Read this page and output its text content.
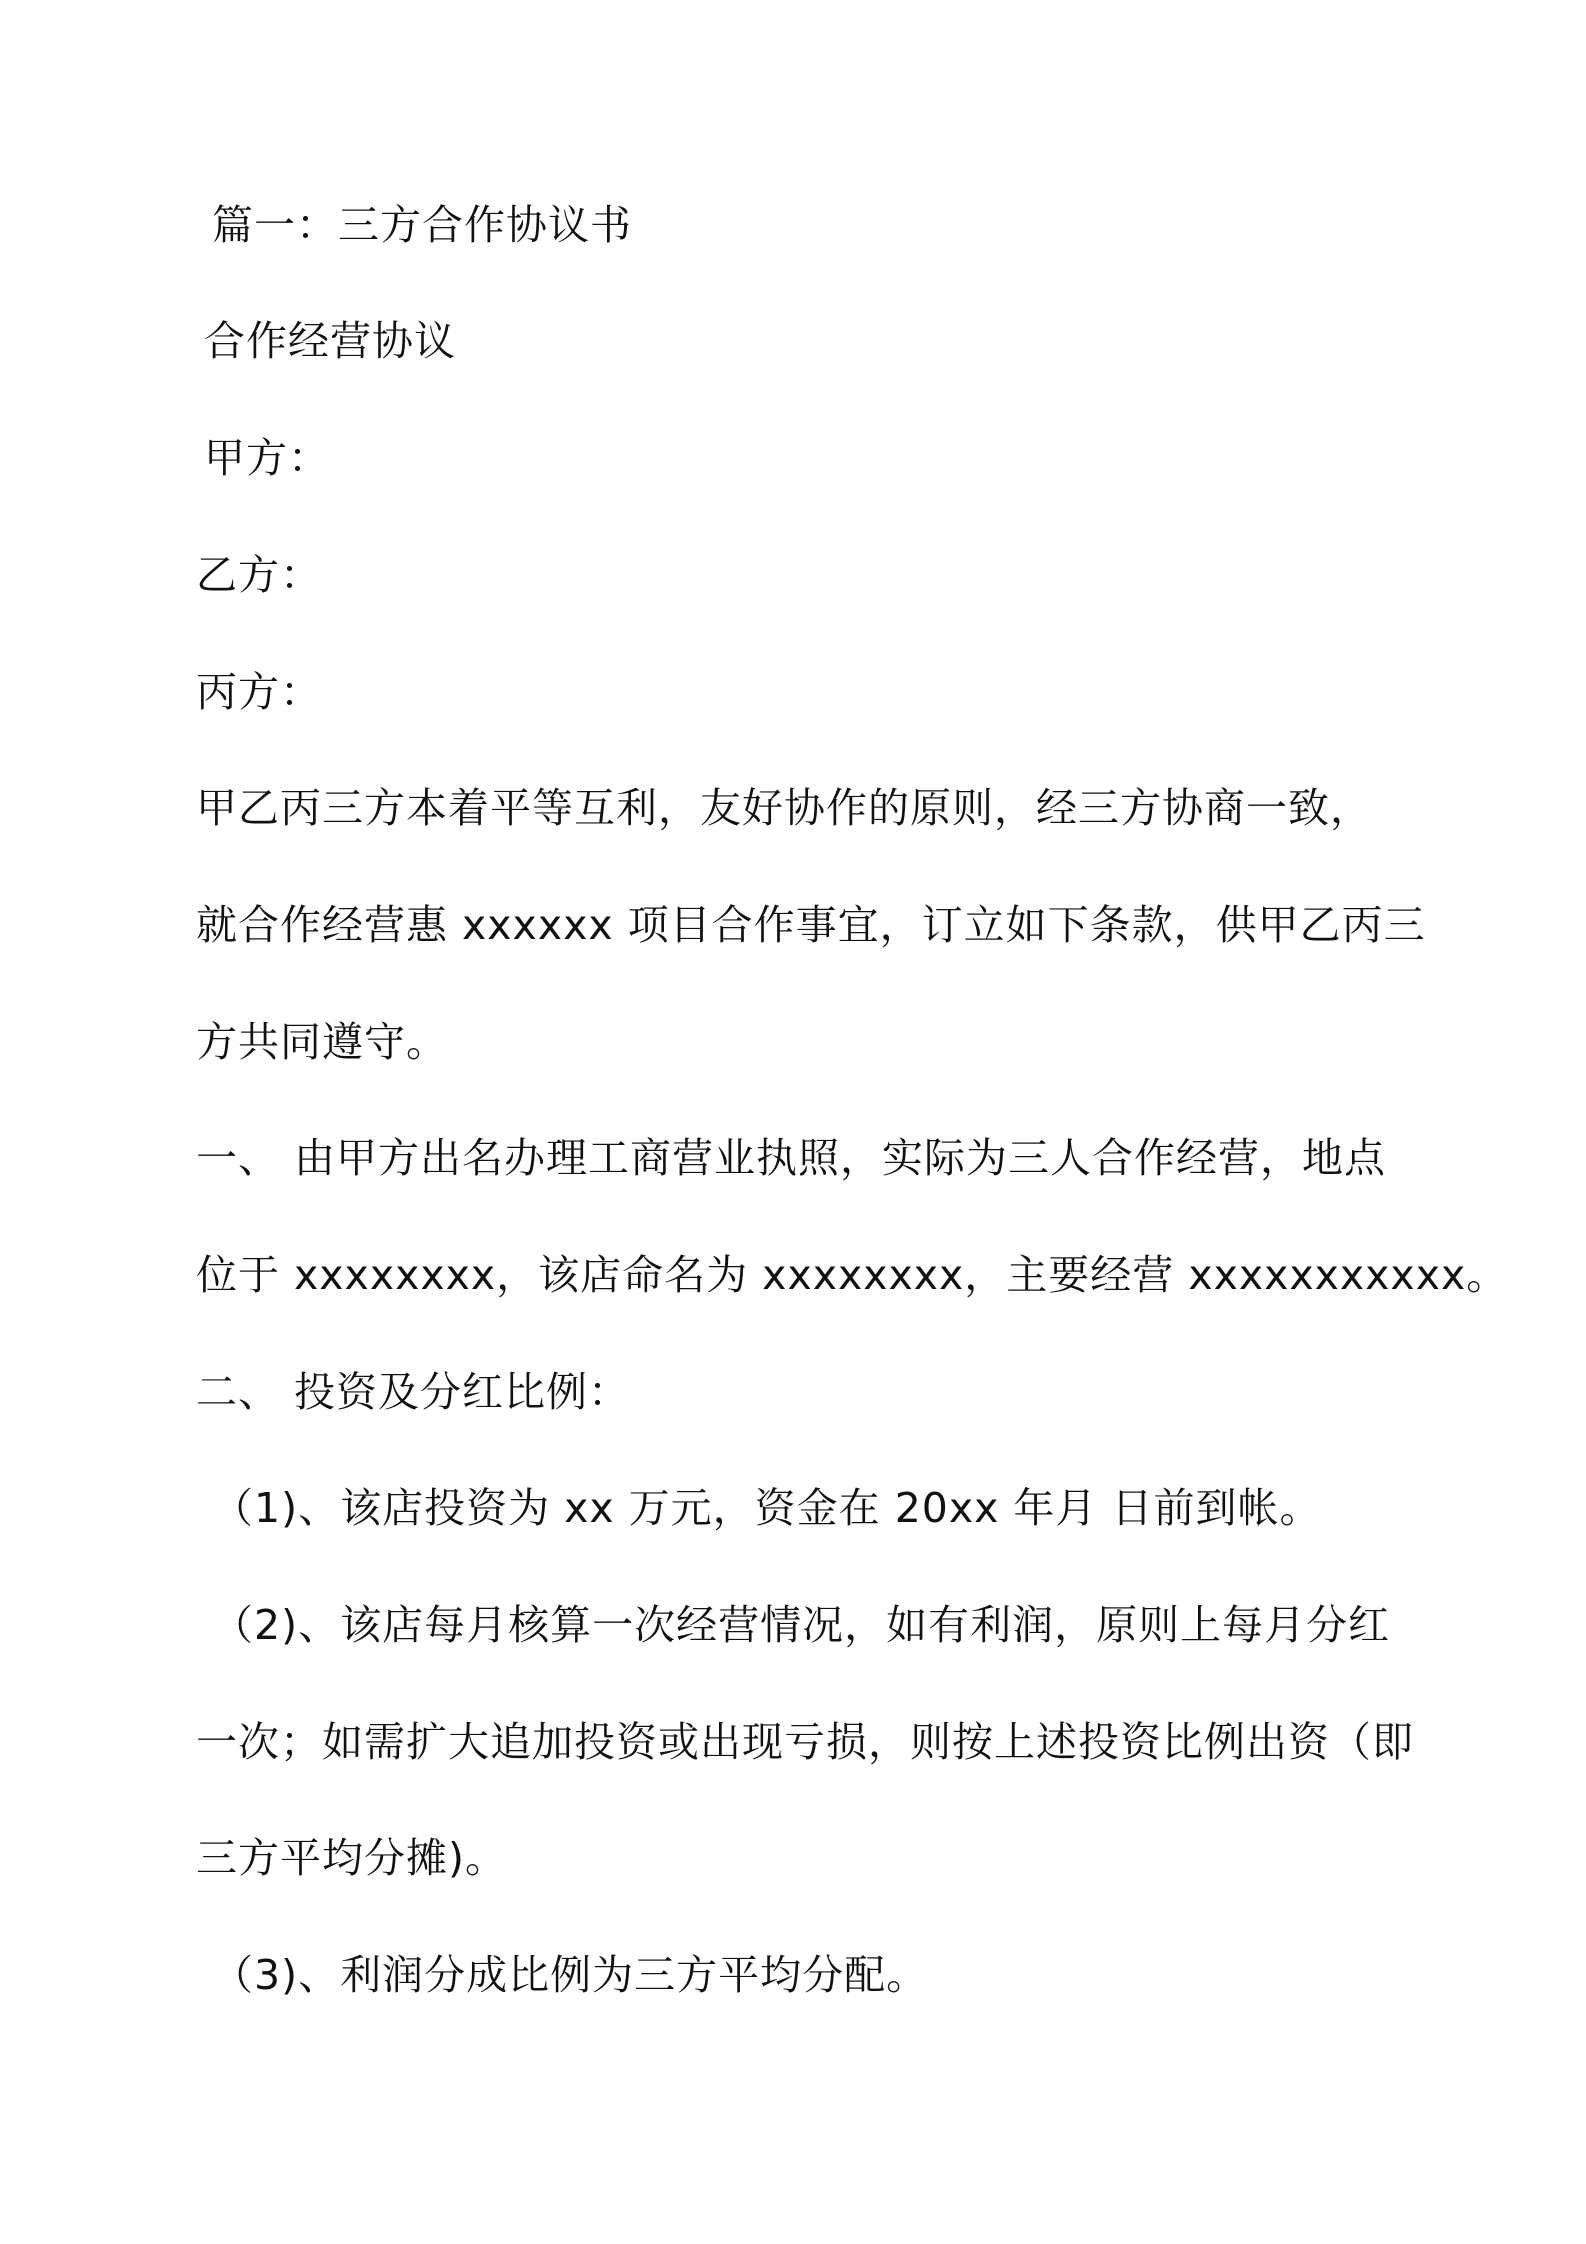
篇一：三方合作协议书
合作经营协议
甲方：
乙方：
丙方：
甲乙丙三方本着平等互利，友好协作的原则，经三方协商一致，
就合作经营惠 xxxxxx 项目合作事宜，订立如下条款，供甲乙丙三
方共同遵守。
一、 由甲方出名办理工商营业执照，实际为三人合作经营，地点
位于 xxxxxxxx，该店命名为 xxxxxxxx，主要经营 xxxxxxxxxxx。
二、 投资及分红比例：
（1)、该店投资为 xx 万元，资金在 20xx 年月 日前到帐。
（2)、该店每月核算一次经营情况，如有利润，原则上每月分红
一次；如需扩大追加投资或出现亏损，则按上述投资比例出资（即
三方平均分摊)。
（3)、利润分成比例为三方平均分配。
